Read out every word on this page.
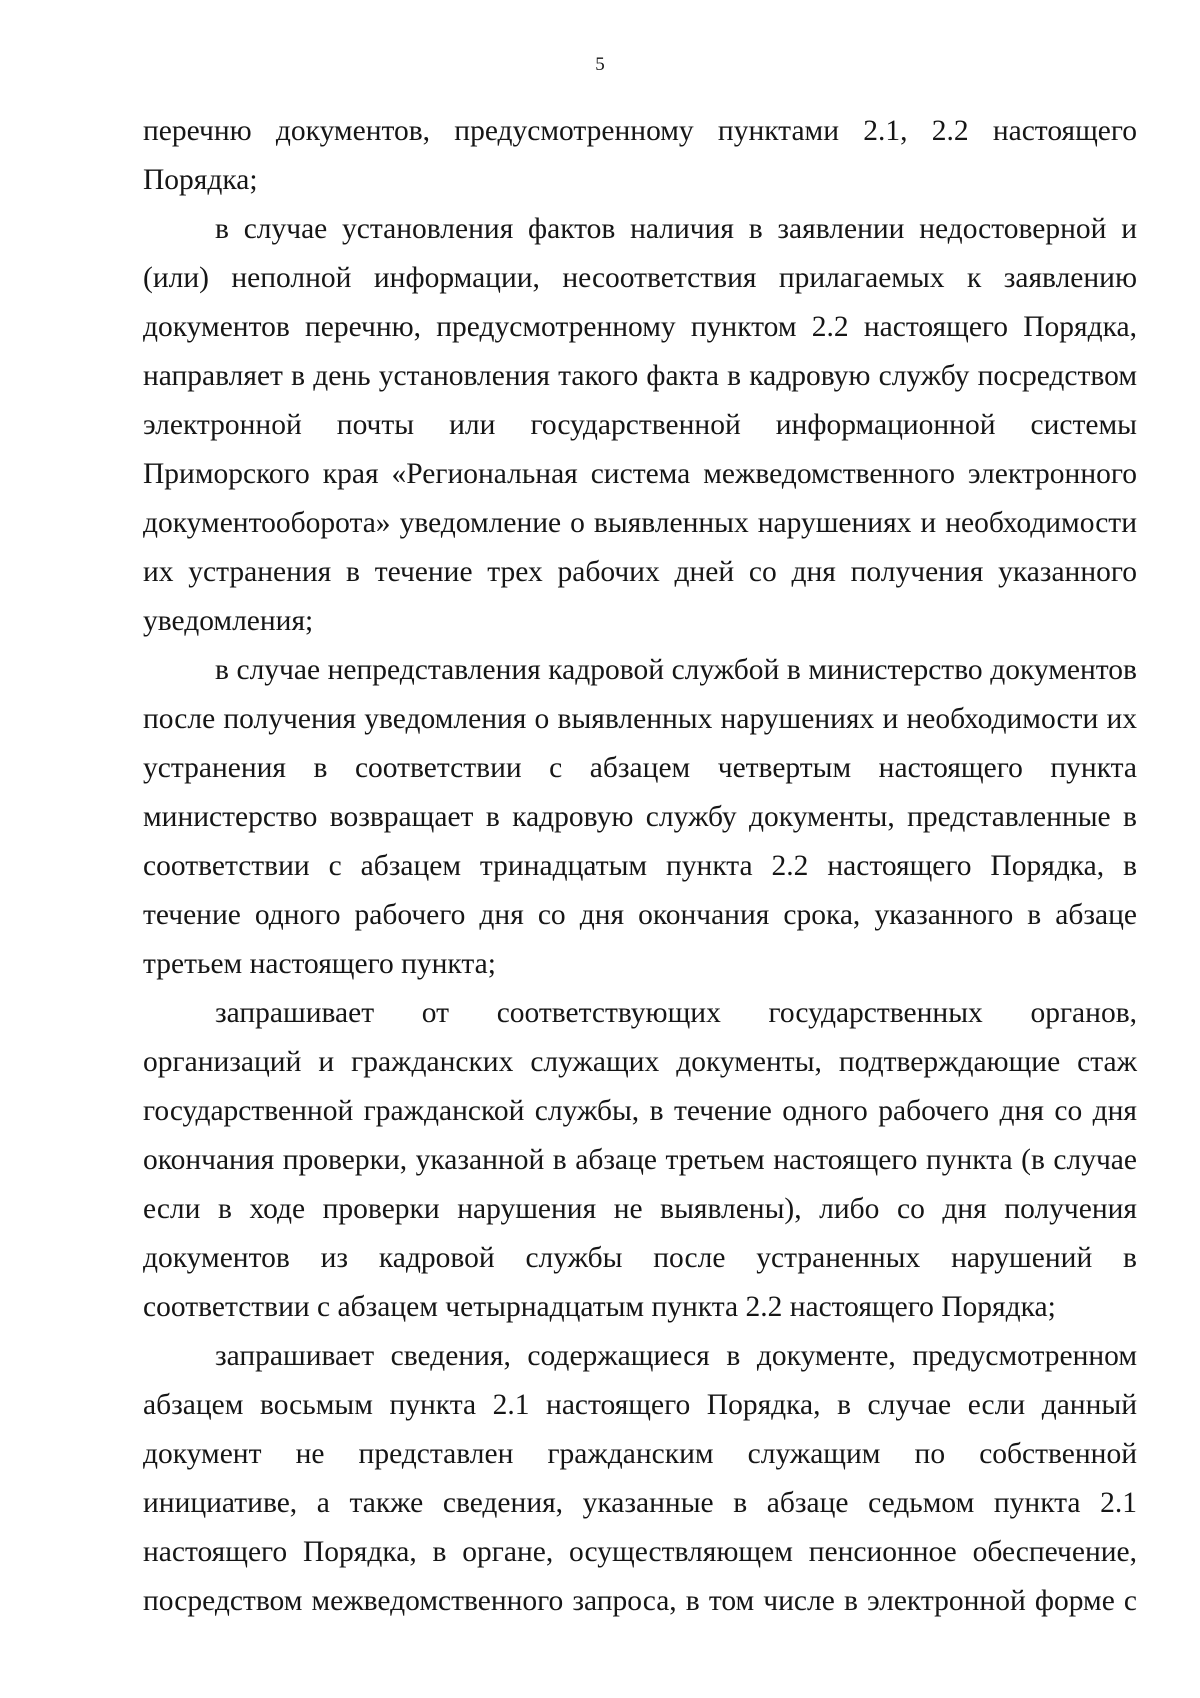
5

перечню документов, предусмотренному пунктами 2.1, 2.2 настоящего Порядка;

в случае установления фактов наличия в заявлении недостоверной и (или) неполной информации, несоответствия прилагаемых к заявлению документов перечню, предусмотренному пунктом 2.2 настоящего Порядка, направляет в день установления такого факта в кадровую службу посредством электронной почты или государственной информационной системы Приморского края «Региональная система межведомственного электронного документооборота» уведомление о выявленных нарушениях и необходимости их устранения в течение трех рабочих дней со дня получения указанного уведомления;

в случае непредставления кадровой службой в министерство документов после получения уведомления о выявленных нарушениях и необходимости их устранения в соответствии с абзацем четвертым настоящего пункта министерство возвращает в кадровую службу документы, представленные в соответствии с абзацем тринадцатым пункта 2.2 настоящего Порядка, в течение одного рабочего дня со дня окончания срока, указанного в абзаце третьем настоящего пункта;

запрашивает от соответствующих государственных органов, организаций и гражданских служащих документы, подтверждающие стаж государственной гражданской службы, в течение одного рабочего дня со дня окончания проверки, указанной в абзаце третьем настоящего пункта (в случае если в ходе проверки нарушения не выявлены), либо со дня получения документов из кадровой службы после устраненных нарушений в соответствии с абзацем четырнадцатым пункта 2.2 настоящего Порядка;

запрашивает сведения, содержащиеся в документе, предусмотренном абзацем восьмым пункта 2.1 настоящего Порядка, в случае если данный документ не представлен гражданским служащим по собственной инициативе, а также сведения, указанные в абзаце седьмом пункта 2.1 настоящего Порядка, в органе, осуществляющем пенсионное обеспечение, посредством межведомственного запроса, в том числе в электронной форме с
